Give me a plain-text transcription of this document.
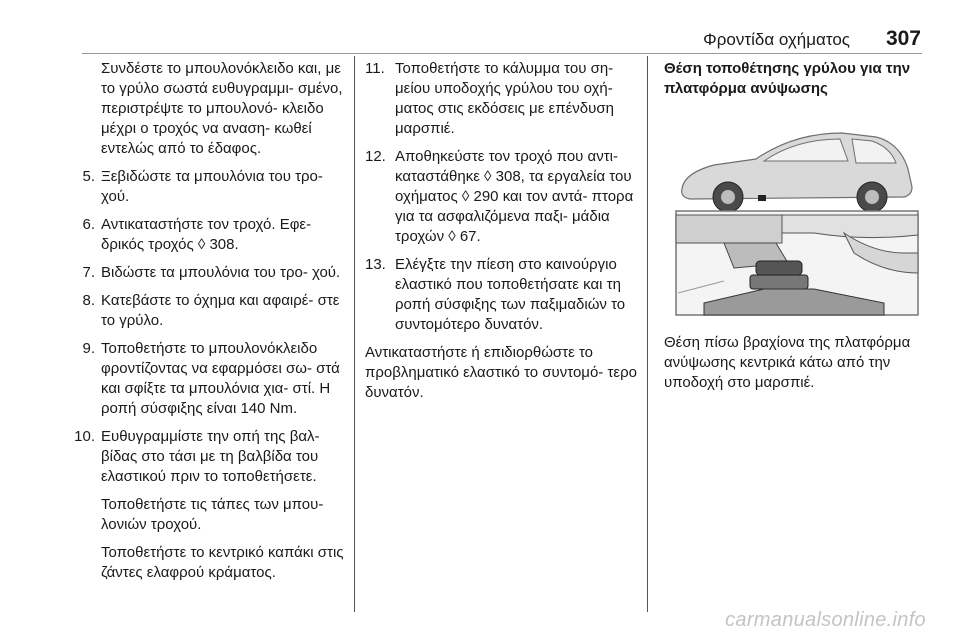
Φροντίδα οχήματος 307

Συνδέστε το μπουλονόκλειδο και, με το γρύλο σωστά ευθυγραμμι- σμένο, περιστρέψτε το μπουλονό- κλειδο μέχρι ο τροχός να αναση- κωθεί εντελώς από το έδαφος.

5. Ξεβιδώστε τα μπουλόνια του τρο- χού.
6. Αντικαταστήστε τον τροχό. Εφε- δρικός τροχός ◊ 308.
7. Βιδώστε τα μπουλόνια του τρο- χού.
8. Κατεβάστε το όχημα και αφαιρέ- στε το γρύλο.
9. Τοποθετήστε το μπουλονόκλειδο φροντίζοντας να εφαρμόσει σω- στά και σφίξτε τα μπουλόνια χια- στί. Η ροπή σύσφιξης είναι 140 Nm.
10. Ευθυγραμμίστε την οπή της βαλ- βίδας στο τάσι με τη βαλβίδα του ελαστικού πριν το τοποθετήσετε.

Τοποθετήστε τις τάπες των μπου- λονιών τροχού.

Τοποθετήστε το κεντρικό καπάκι στις ζάντες ελαφρού κράματος.

11. Τοποθετήστε το κάλυμμα του ση- μείου υποδοχής γρύλου του οχή- ματος στις εκδόσεις με επένδυση μαρσπιέ.
12. Αποθηκεύστε τον τροχό που αντι- καταστάθηκε ◊ 308, τα εργαλεία του οχήματος ◊ 290 και τον αντά- πτορα για τα ασφαλιζόμενα παξι- μάδια τροχών ◊ 67.
13. Ελέγξτε την πίεση στο καινούργιο ελαστικό που τοποθετήσατε και τη ροπή σύσφιξης των παξιμαδιών το συντομότερο δυνατόν.

Αντικαταστήστε ή επιδιορθώστε το προβληματικό ελαστικό το συντομό- τερο δυνατόν.

Θέση τοποθέτησης γρύλου για την πλατφόρμα ανύψωσης

Θέση πίσω βραχίονα της πλατφόρμα ανύψωσης κεντρικά κάτω από την υποδοχή στο μαρσπιέ.

carmanualsonline.info
